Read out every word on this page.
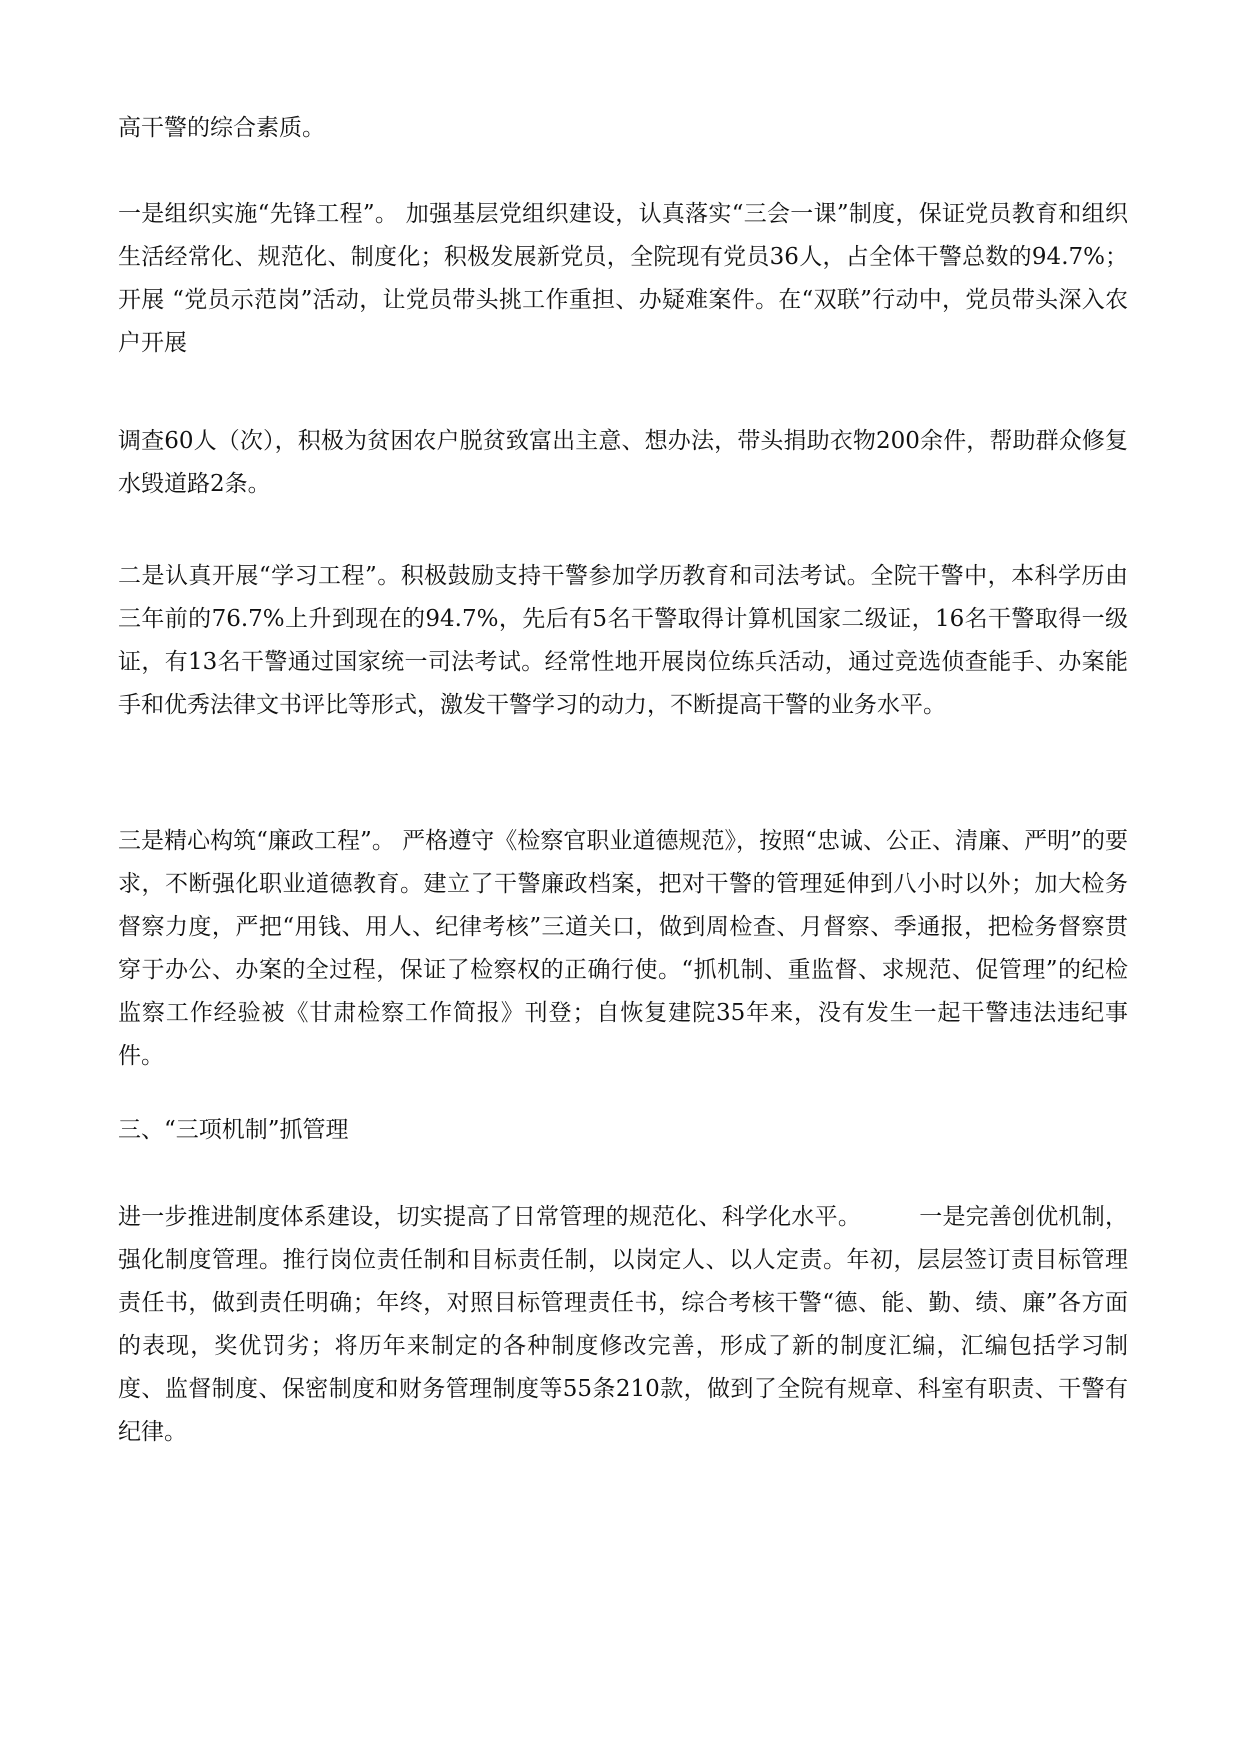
高干警的综合素质。

一是组织实施“先锋工程”。 加强基层党组织建设，认真落实“三会一课”制度，保证党员教育和组织生活经常化、规范化、制度化；积极发展新党员，全院现有党员36人，占全体干警总数的94.7%；开展 “党员示范岗”活动，让党员带头挑工作重担、办疑难案件。在“双联”行动中，党员带头深入农户开展

调查60人（次），积极为贫困农户脱贫致富出主意、想办法，带头捐助衣物200余件，帮助群众修复水毁道路2条。

二是认真开展“学习工程”。积极鼓励支持干警参加学历教育和司法考试。全院干警中，本科学历由三年前的76.7%上升到现在的94.7%，先后有5名干警取得计算机国家二级证，16名干警取得一级证，有13名干警通过国家统一司法考试。经常性地开展岗位练兵活动，通过竞选侦查能手、办案能手和优秀法律文书评比等形式，激发干警学习的动力，不断提高干警的业务水平。

三是精心构筑“廉政工程”。 严格遵守《检察官职业道德规范》，按照“忠诚、公正、清廉、严明”的要求，不断强化职业道德教育。建立了干警廉政档案，把对干警的管理延伸到八小时以外；加大检务督察力度，严把“用钱、用人、纪律考核”三道关口，做到周检查、月督察、季通报，把检务督察贯穿于办公、办案的全过程，保证了检察权的正确行使。“抓机制、重监督、求规范、促管理”的纪检监察工作经验被《甘肃检察工作简报》刊登；自恢复建院35年来，没有发生一起干警违法违纪事件。

三、“三项机制”抓管理

进一步推进制度体系建设，切实提高了日常管理的规范化、科学化水平。　　　一是完善创优机制，强化制度管理。推行岗位责任制和目标责任制，以岗定人、以人定责。年初，层层签订责目标管理责任书，做到责任明确；年终，对照目标管理责任书，综合考核干警“德、能、勤、绩、廉”各方面的表现，奖优罚劣；将历年来制定的各种制度修改完善，形成了新的制度汇编，汇编包括学习制度、监督制度、保密制度和财务管理制度等55条210款，做到了全院有规章、科室有职责、干警有纪律。
